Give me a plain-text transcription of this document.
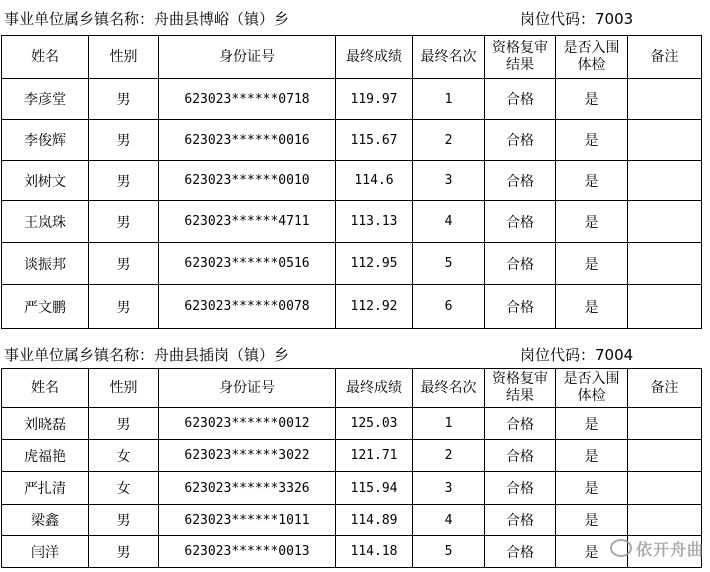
事业单位属乡镇名称：舟曲县博峪（镇）乡	岗位代码：7003
姓名	性别	身份证号	最终成绩	最终名次	资格复审结果	是否入围体检	备注
李彦堂	男	623023******0718	119.97	1	合格	是	
李俊辉	男	623023******0016	115.67	2	合格	是	
刘树文	男	623023******0010	114.6	3	合格	是	
王岚珠	男	623023******4711	113.13	4	合格	是	
谈振邦	男	623023******0516	112.95	5	合格	是	
严文鹏	男	623023******0078	112.92	6	合格	是	
事业单位属乡镇名称：舟曲县插岗（镇）乡	岗位代码：7004
姓名	性别	身份证号	最终成绩	最终名次	资格复审结果	是否入围体检	备注
刘晓磊	男	623023******0012	125.03	1	合格	是	
虎福艳	女	623023******3022	121.71	2	合格	是	
严扎清	女	623023******3326	115.94	3	合格	是	
梁鑫	男	623023******1011	114.89	4	合格	是	
闫洋	男	623023******0013	114.18	5	合格	是		依开舟曲
